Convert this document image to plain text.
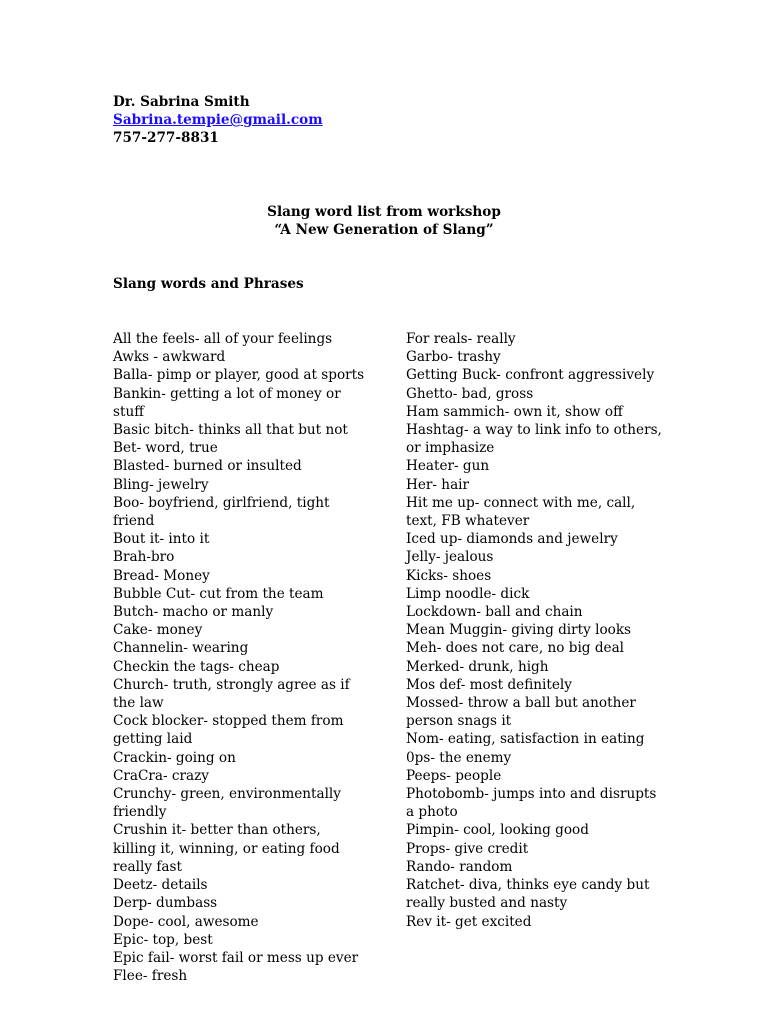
Dr. Sabrina Smith
Sabrina.tempie@gmail.com
757-277-8831
Slang word list from workshop
“A New Generation of Slang”
Slang words and Phrases
All the feels- all of your feelings
Awks - awkward
Balla- pimp or player, good at sports
Bankin- getting a lot of money or stuff
Basic bitch- thinks all that but not
Bet- word, true
Blasted- burned or insulted
Bling- jewelry
Boo- boyfriend, girlfriend, tight friend
Bout it- into it
Brah-bro
Bread- Money
Bubble Cut- cut from the team
Butch- macho or manly
Cake- money
Channelin- wearing
Checkin the tags- cheap
Church- truth, strongly agree as if the law
Cock blocker- stopped them from getting laid
Crackin- going on
CraCra- crazy
Crunchy- green, environmentally friendly
Crushin it- better than others, killing it, winning, or eating food really fast
Deetz- details
Derp- dumbass
Dope- cool, awesome
Epic- top, best
Epic fail- worst fail or mess up ever
Flee- fresh
For reals- really
Garbo- trashy
Getting Buck- confront aggressively
Ghetto- bad, gross
Ham sammich- own it, show off
Hashtag- a way to link info to others, or imphasize
Heater- gun
Her- hair
Hit me up- connect with me, call, text, FB whatever
Iced up- diamonds and jewelry
Jelly- jealous
Kicks- shoes
Limp noodle- dick
Lockdown- ball and chain
Mean Muggin- giving dirty looks
Meh- does not care, no big deal
Merked- drunk, high
Mos def- most definitely
Mossed- throw a ball but another person snags it
Nom- eating, satisfaction in eating
0ps- the enemy
Peeps- people
Photobomb- jumps into and disrupts a photo
Pimpin- cool, looking good
Props- give credit
Rando- random
Ratchet- diva, thinks eye candy but really busted and nasty
Rev it- get excited
